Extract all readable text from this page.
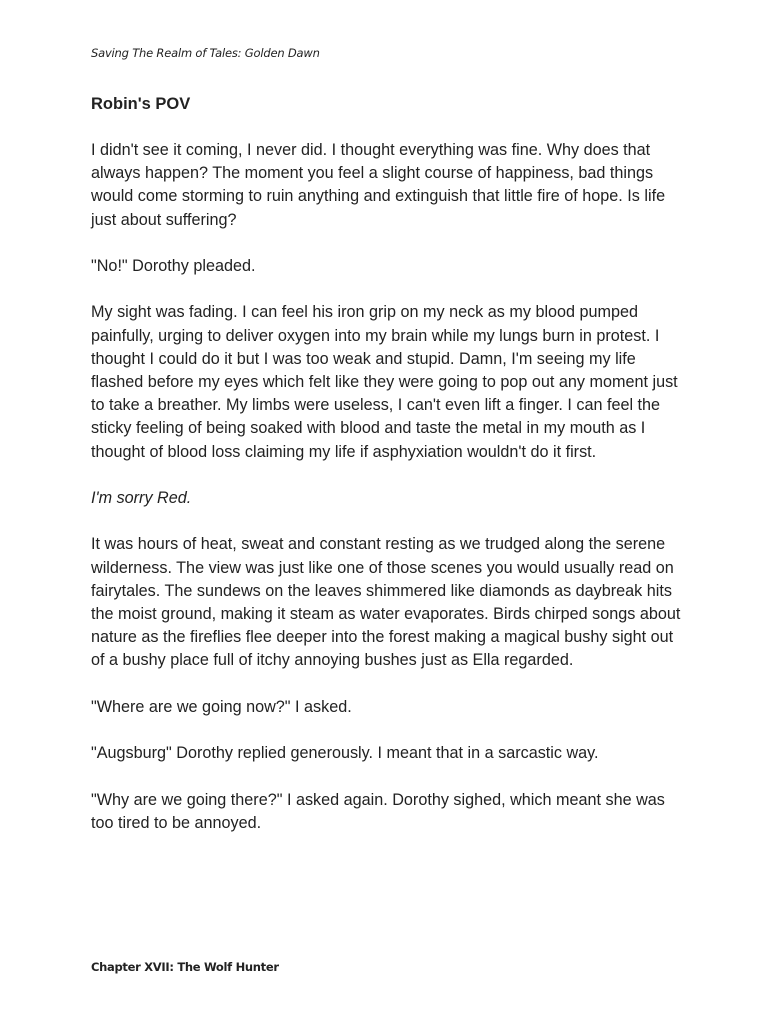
Saving The Realm of Tales: Golden Dawn
Robin's POV

I didn't see it coming, I never did. I thought everything was fine. Why does that always happen? The moment you feel a slight course of happiness, bad things would come storming to ruin anything and extinguish that little fire of hope. Is life just about suffering?

"No!" Dorothy pleaded.

My sight was fading. I can feel his iron grip on my neck as my blood pumped painfully, urging to deliver oxygen into my brain while my lungs burn in protest. I thought I could do it but I was too weak and stupid. Damn, I'm seeing my life flashed before my eyes which felt like they were going to pop out any moment just to take a breather. My limbs were useless, I can't even lift a finger. I can feel the sticky feeling of being soaked with blood and taste the metal in my mouth as I thought of blood loss claiming my life if asphyxiation wouldn't do it first.

I'm sorry Red.

It was hours of heat, sweat and constant resting as we trudged along the serene wilderness. The view was just like one of those scenes you would usually read on fairytales. The sundews on the leaves shimmered like diamonds as daybreak hits the moist ground, making it steam as water evaporates. Birds chirped songs about nature as the fireflies flee deeper into the forest making a magical bushy sight out of a bushy place full of itchy annoying bushes just as Ella regarded.

"Where are we going now?" I asked.

"Augsburg" Dorothy replied generously. I meant that in a sarcastic way.

"Why are we going there?" I asked again. Dorothy sighed, which meant she was too tired to be annoyed.

Chapter XVII: The Wolf Hunter
